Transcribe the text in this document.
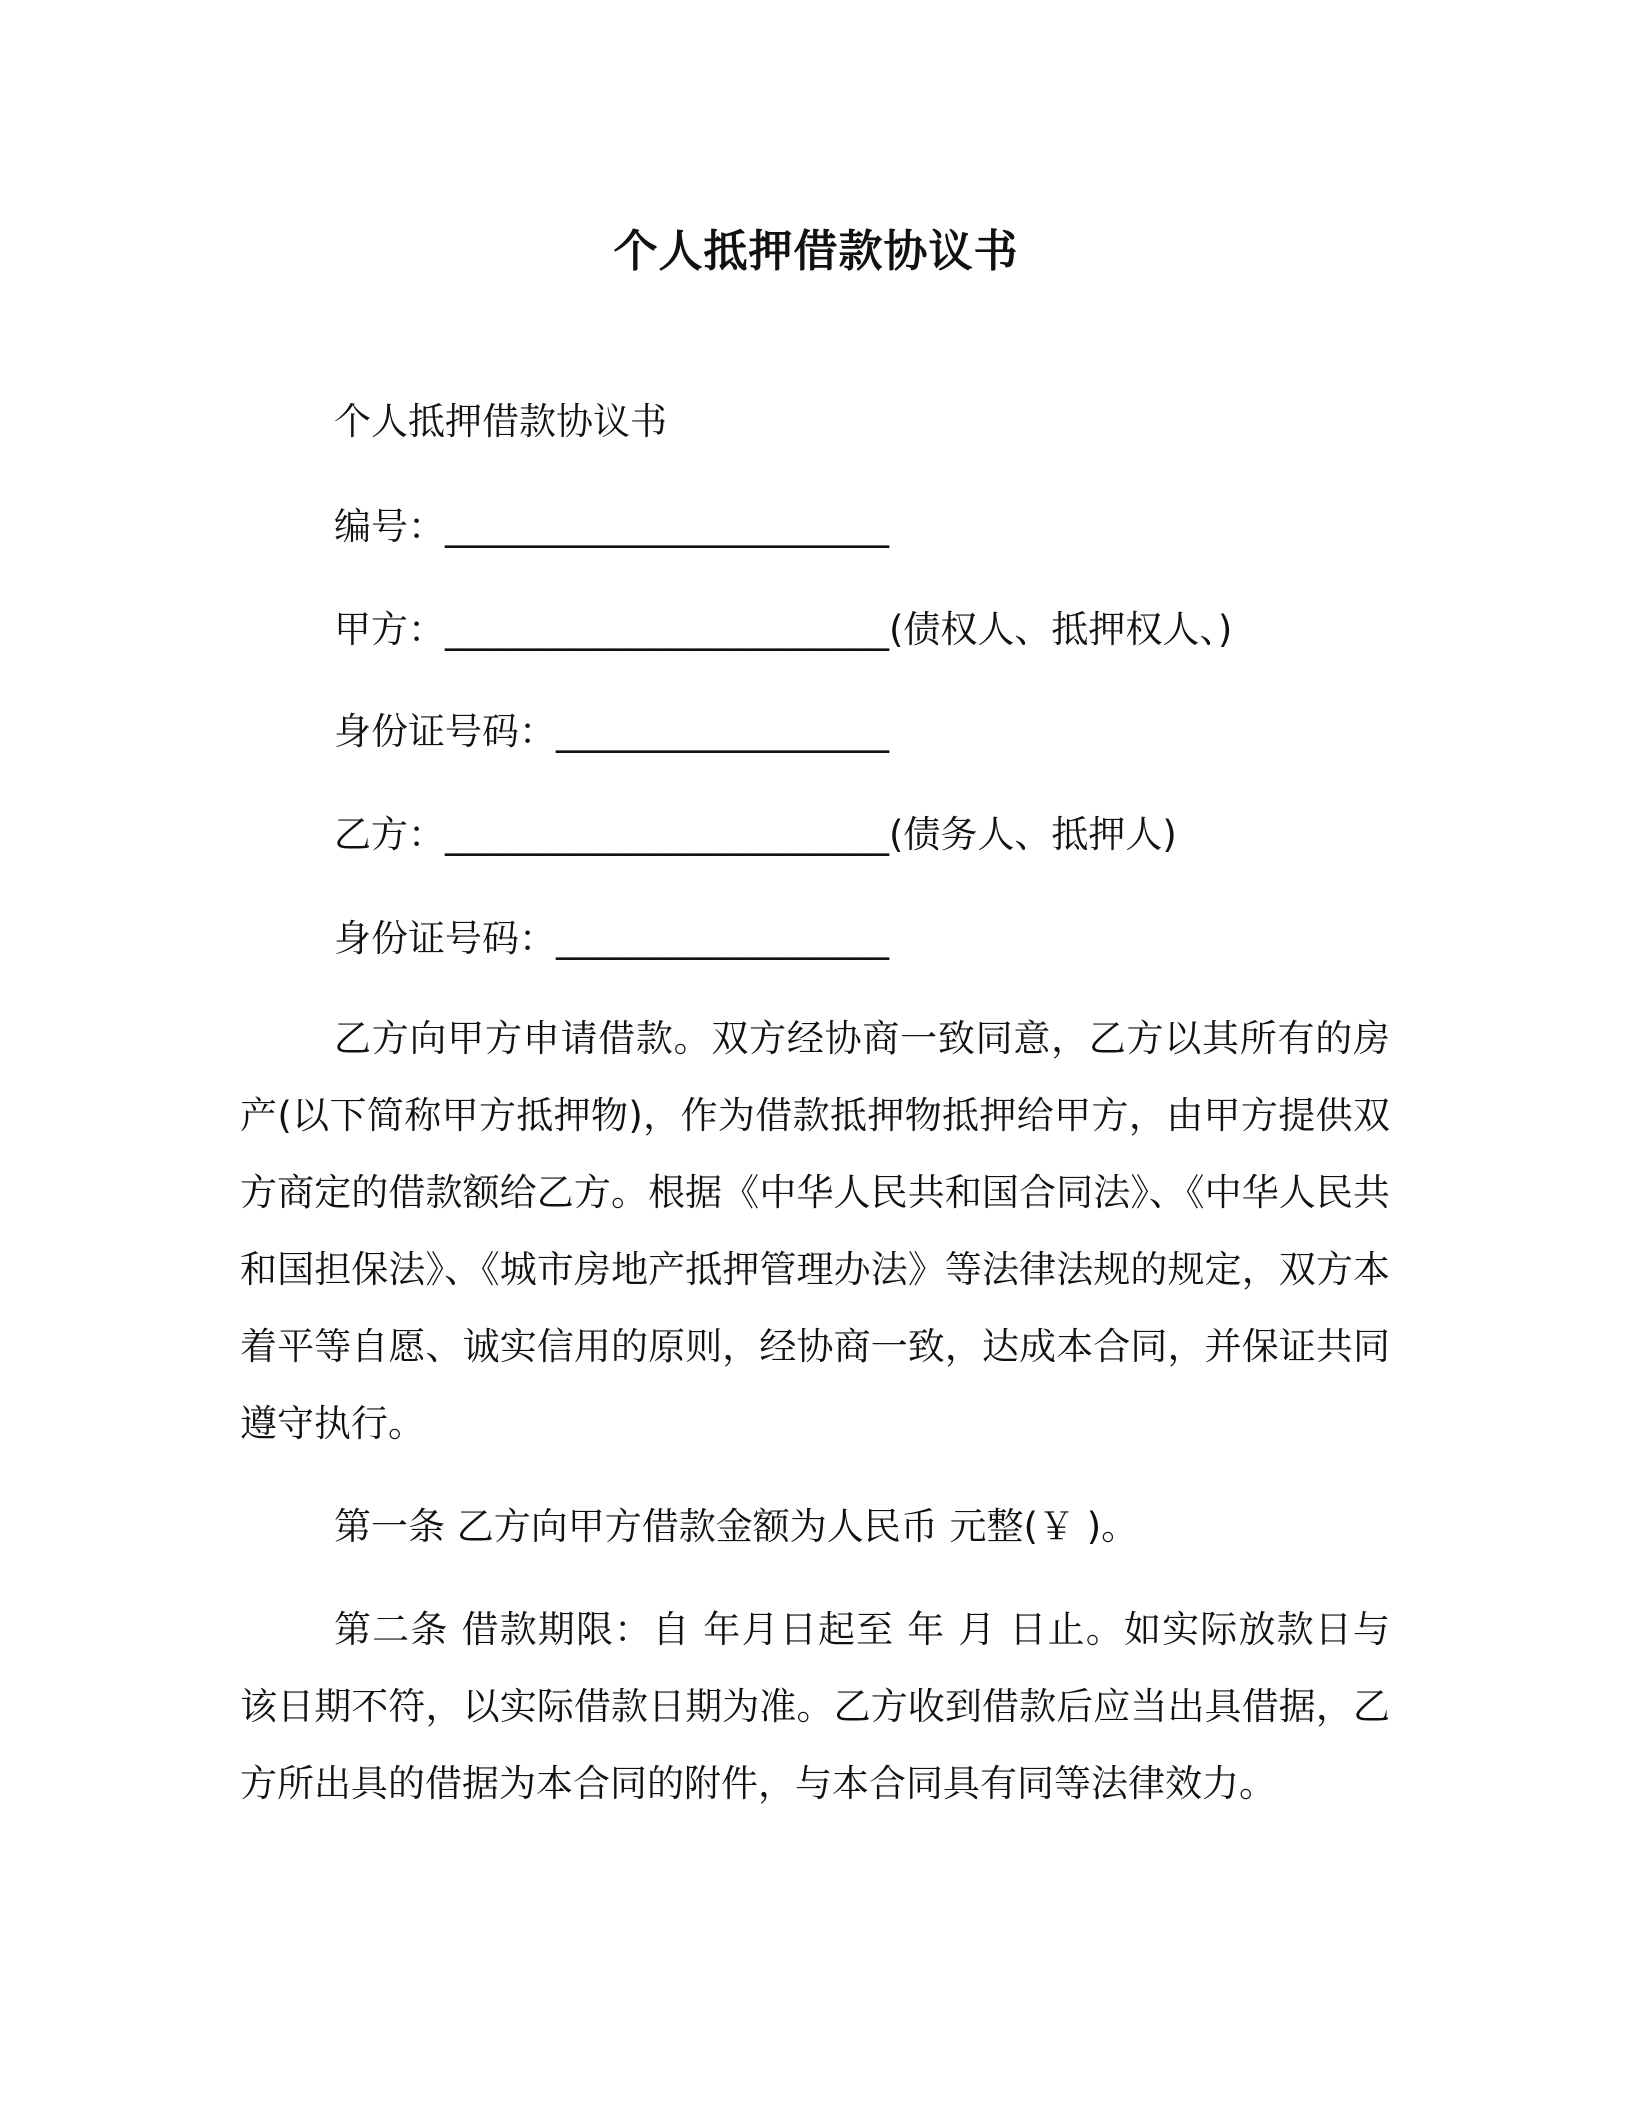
个人抵押借款协议书
个人抵押借款协议书
编号：________________________
甲方：________________________(债权人、抵押权人、)
身份证号码：__________________
乙方：________________________(债务人、抵押人)
身份证号码：__________________
乙方向甲方申请借款。双方经协商一致同意，乙方以其所有的房产(以下简称甲方抵押物)，作为借款抵押物抵押给甲方，由甲方提供双方商定的借款额给乙方。根据《中华人民共和国合同法》、《中华人民共和国担保法》、《城市房地产抵押管理办法》等法律法规的规定，双方本着平等自愿、诚实信用的原则，经协商一致，达成本合同，并保证共同遵守执行。
第一条 乙方向甲方借款金额为人民币 元整(￥ )。
第二条 借款期限：自 年月日起至 年 月 日止。如实际放款日与该日期不符，以实际借款日期为准。乙方收到借款后应当出具借据，乙方所出具的借据为本合同的附件，与本合同具有同等法律效力。
